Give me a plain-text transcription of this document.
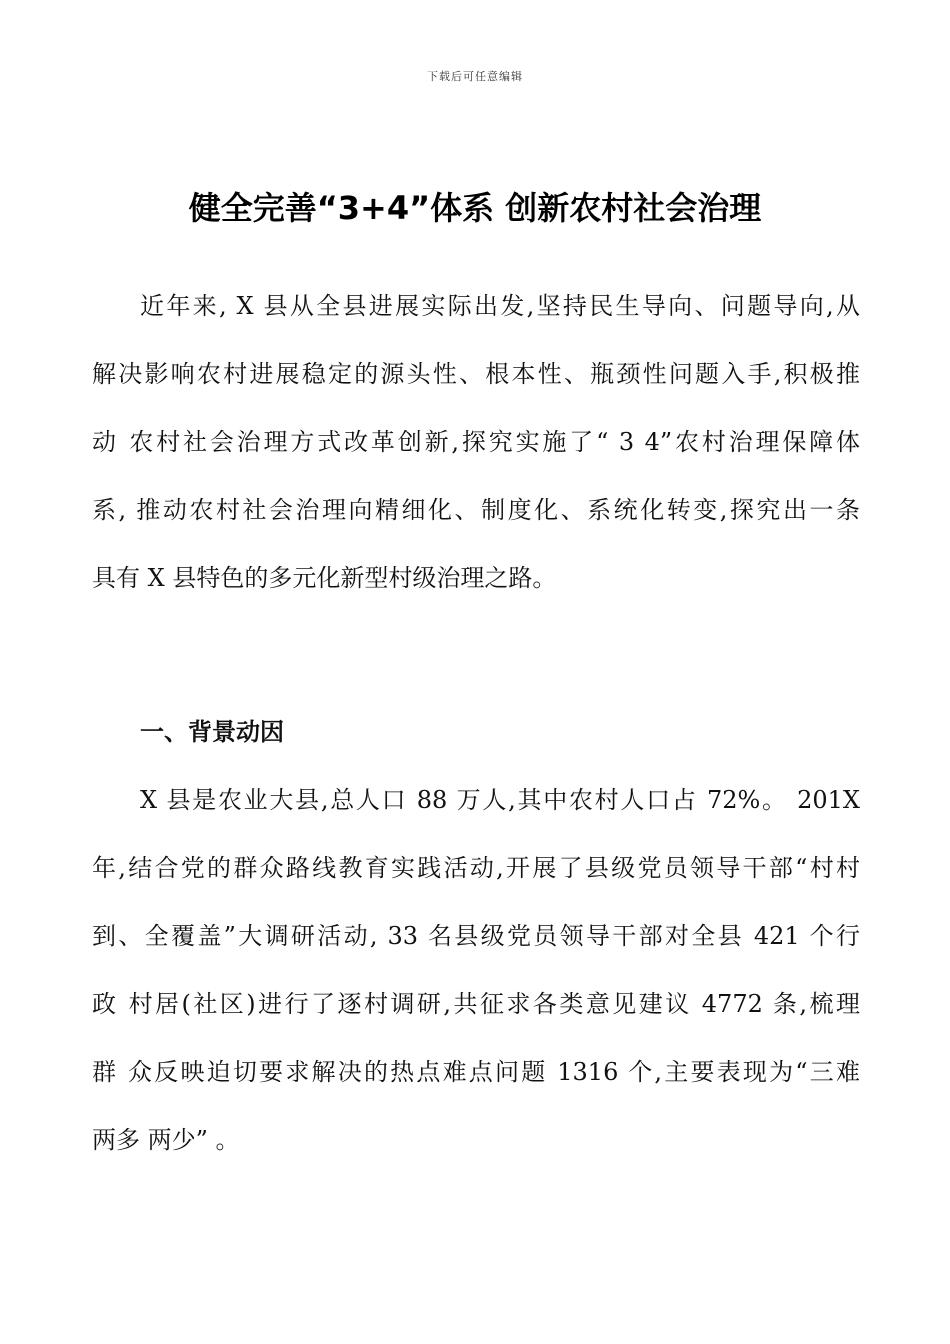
下载后可任意编辑
健全完善“3+4”体系 创新农村社会治理
近年来, X 县从全县进展实际出发,坚持民生导向、问题导向,从
解决影响农村进展稳定的源头性、根本性、瓶颈性问题入手,积极推
动 农村社会治理方式改革创新,探究实施了“ 3 4”农村治理保障体
系, 推动农村社会治理向精细化、制度化、系统化转变,探究出一条
具有 X 县特色的多元化新型村级治理之路。
一、背景动因
X 县是农业大县,总人口 88 万人,其中农村人口占 72%。 201X
年,结合党的群众路线教育实践活动,开展了县级党员领导干部“村村
到、全覆盖”大调研活动, 33 名县级党员领导干部对全县 421 个行
政 村居(社区)进行了逐村调研,共征求各类意见建议 4772 条,梳理
群 众反映迫切要求解决的热点难点问题 1316 个,主要表现为“三难
两多 两少” 。
